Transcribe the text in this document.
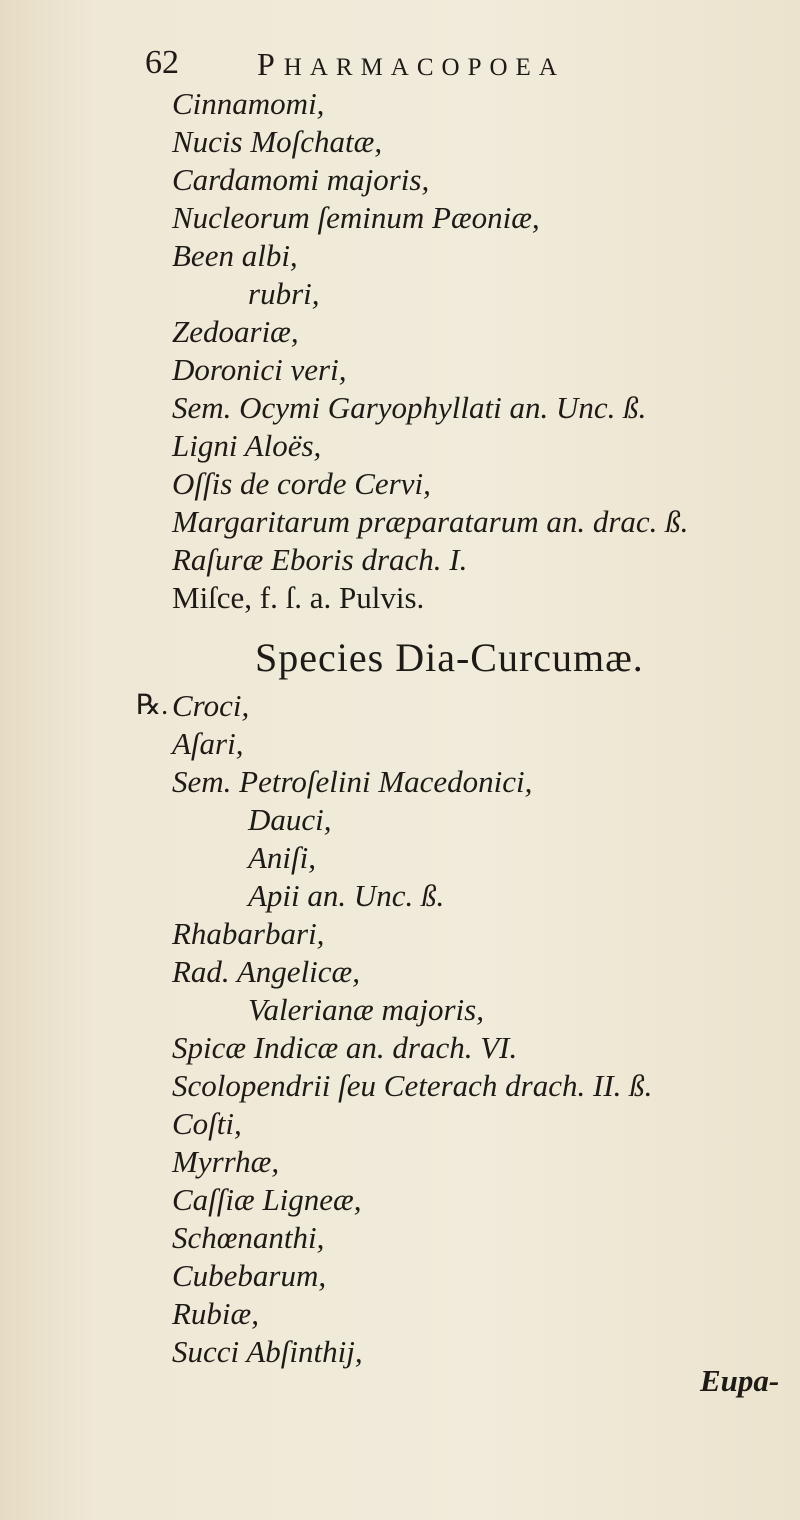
62 PHARMACOPOEA
Cinnamomi,
Nucis Moſchatæ,
Cardamomi majoris,
Nucleorum ſeminum Pæoniæ,
Been albi,
rubri,
Zedoariæ,
Doronici veri,
Sem. Ocymi Garyophyllati an. Unc. ß.
Ligni Aloës,
Oſſis de corde Cervi,
Margaritarum præparatarum an. drac. ß.
Raſuræ Eboris drach. I.
Miſce, f. ſ. a. Pulvis.
Species Dia-Curcumæ.
℞. Croci,
Aſari,
Sem. Petroſelini Macedonici,
Dauci,
Aniſi,
Apii an. Unc. ß.
Rhabarbari,
Rad. Angelicæ,
Valerianæ majoris,
Spicæ Indicæ an. drach. VI.
Scolopendrii ſeu Ceterach drach. II. ß.
Coſti,
Myrrhæ,
Caſſiæ Ligneæ,
Schœnanthi,
Cubebarum,
Rubiæ,
Succi Abſinthij,
Eupa-
